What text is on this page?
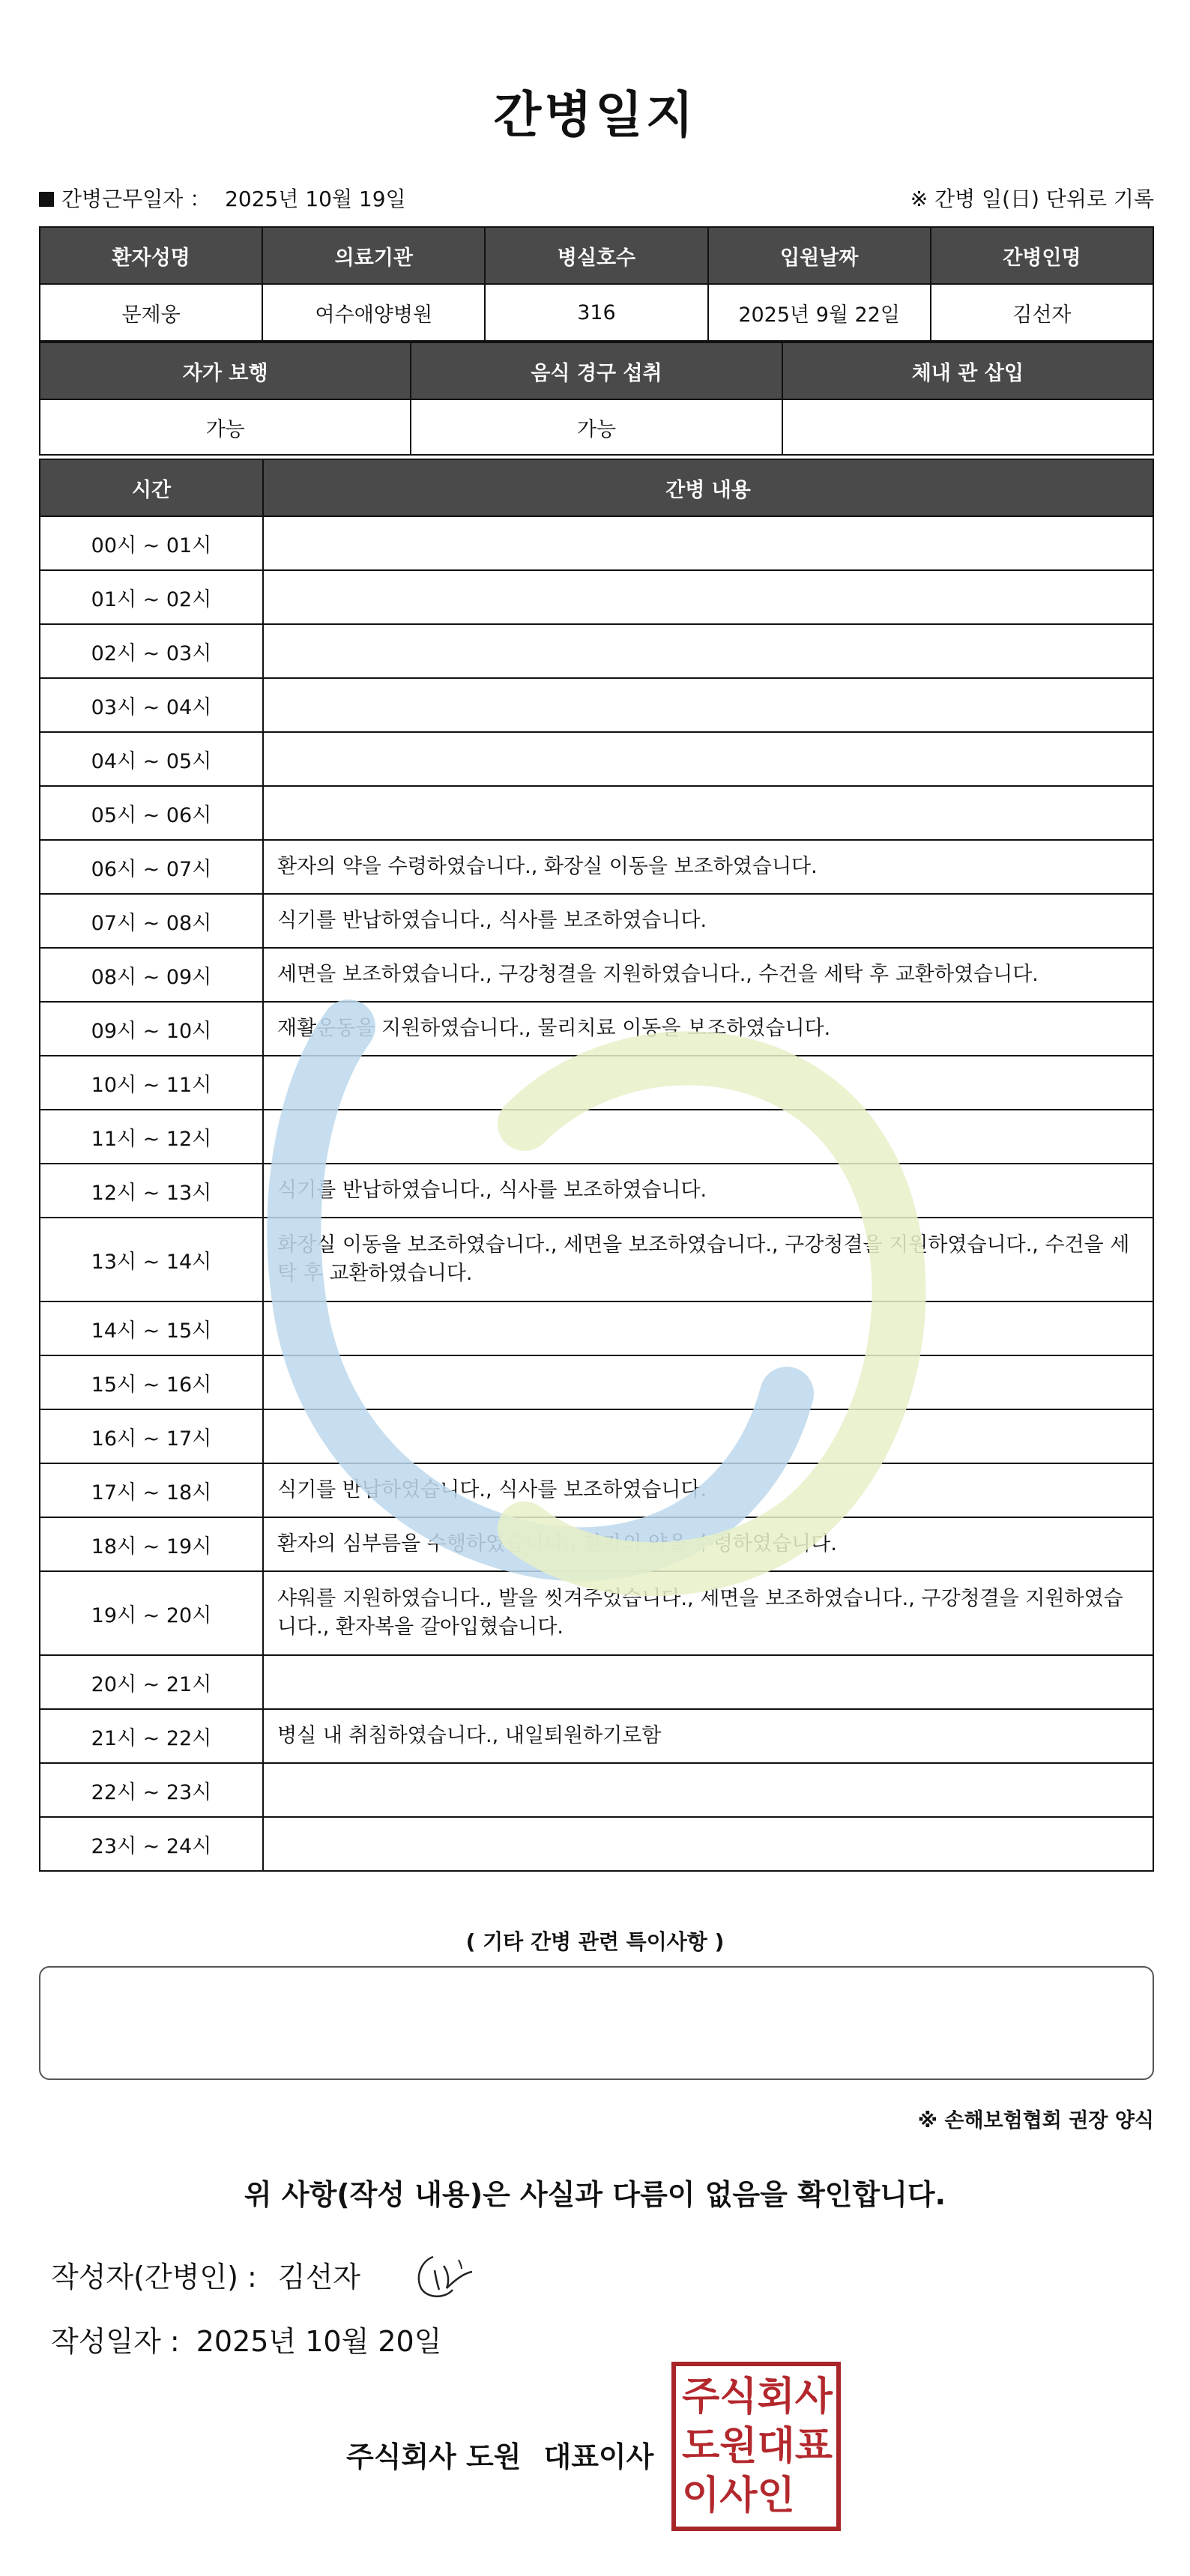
간병일지
간병근무일자 ： 2025년 10월 19일	※ 간병 일(日) 단위로 기록
환자성명	의료기관	병실호수	입원날짜	간병인명
문제웅	여수애양병원	316	2025년 9월 22일	김선자
자가 보행	음식 경구 섭취	체내 관 삽입
가능	가능	
시간	간병 내용
00시 ~ 01시	
01시 ~ 02시	
02시 ~ 03시	
03시 ~ 04시	
04시 ~ 05시	
05시 ~ 06시	
06시 ~ 07시	환자의 약을 수령하였습니다., 화장실 이동을 보조하였습니다.
07시 ~ 08시	식기를 반납하였습니다., 식사를 보조하였습니다.
08시 ~ 09시	세면을 보조하였습니다., 구강청결을 지원하였습니다., 수건을 세탁 후 교환하였습니다.
09시 ~ 10시	재활운동을 지원하였습니다., 물리치료 이동을 보조하였습니다.
10시 ~ 11시	
11시 ~ 12시	
12시 ~ 13시	식기를 반납하였습니다., 식사를 보조하였습니다.
13시 ~ 14시	화장실 이동을 보조하였습니다., 세면을 보조하였습니다., 구강청결을 지원하였습니다., 수건을 세탁 후 교환하였습니다.
14시 ~ 15시	
15시 ~ 16시	
16시 ~ 17시	
17시 ~ 18시	식기를 반납하였습니다., 식사를 보조하였습니다.
18시 ~ 19시	환자의 심부름을 수행하였습니다., 환자의 약을 수령하였습니다.
19시 ~ 20시	샤워를 지원하였습니다., 발을 씻겨주었습니다., 세면을 보조하였습니다., 구강청결을 지원하였습니다., 환자복을 갈아입혔습니다.
20시 ~ 21시	
21시 ~ 22시	병실 내 취침하였습니다., 내일퇴원하기로함
22시 ~ 23시	
23시 ~ 24시	
( 기타 간병 관련 특이사항 )
※ 손해보험협회 권장 양식
위 사항(작성 내용)은 사실과 다름이 없음을 확인합니다.
작성자(간병인) : 김선자
작성일자 : 2025년 10월 20일
주식회사 도원 대표이사
주 식 회 사
도 원 대 표
이 사 인
